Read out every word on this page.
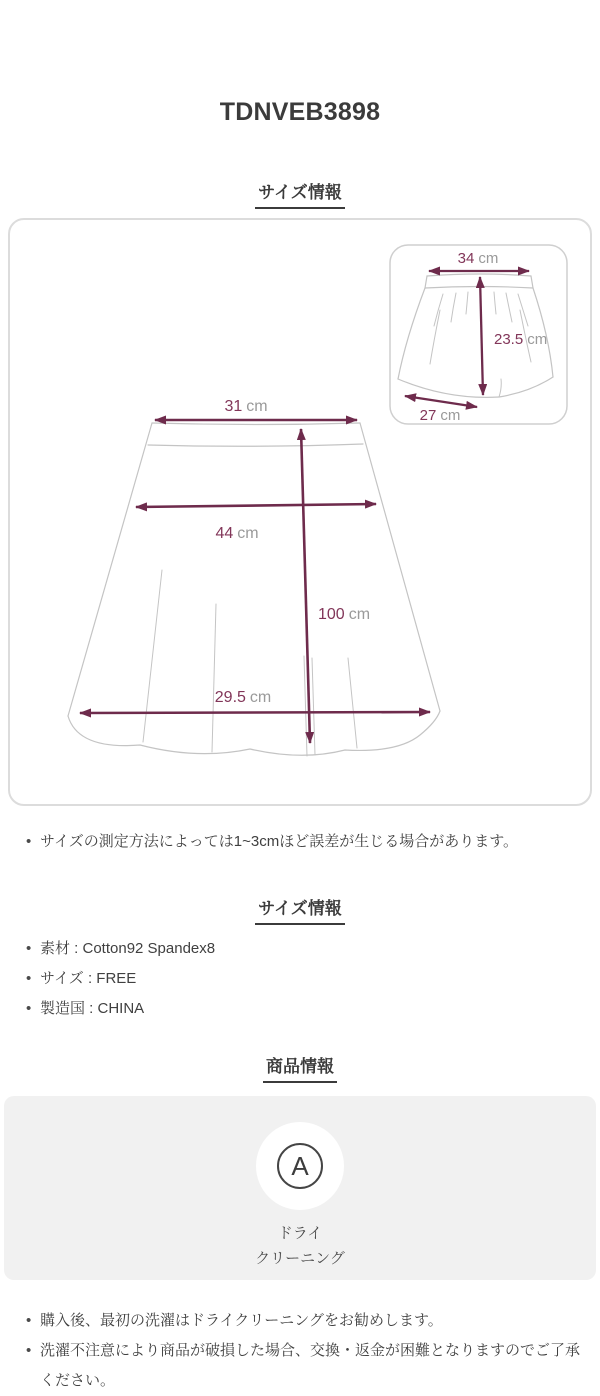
TDNVEB3898
サイズ情報
31 cm
44 cm
100 cm
29.5 cm
34 cm
23.5 cm
27 cm
• サイズの測定方法によっては1~3cmほど誤差が生じる場合があります。
サイズ情報
• 素材 : Cotton92 Spandex8
• サイズ : FREE
• 製造国 : CHINA
商品情報
A
ドライ
クリーニング
• 購入後、最初の洗濯はドライクリーニングをお勧めします。
• 洗濯不注意により商品が破損した場合、交換・返金が困難となりますのでご了承ください。
